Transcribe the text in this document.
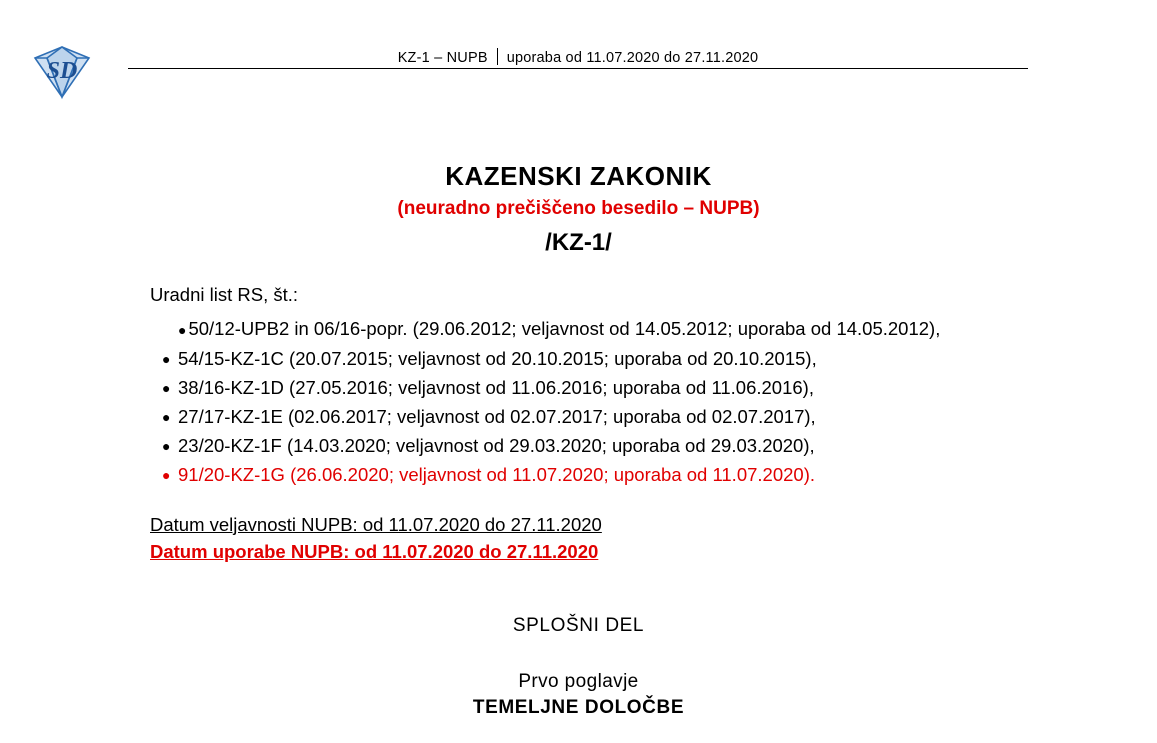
SD	KZ-1 – NUPB	uporaba od 11.07.2020 do 27.11.2020
KAZENSKI ZAKONIK
(neuradno prečiščeno besedilo – NUPB)
/KZ-1/
Uradni list RS, št.:
● 50/12-UPB2 in 06/16-popr. (29.06.2012; veljavnost od 14.05.2012; uporaba od 14.05.2012),
● 54/15-KZ-1C (20.07.2015; veljavnost od 20.10.2015; uporaba od 20.10.2015),
● 38/16-KZ-1D (27.05.2016; veljavnost od 11.06.2016; uporaba od 11.06.2016),
● 27/17-KZ-1E (02.06.2017; veljavnost od 02.07.2017; uporaba od 02.07.2017),
● 23/20-KZ-1F (14.03.2020; veljavnost od 29.03.2020; uporaba od 29.03.2020),
● 91/20-KZ-1G (26.06.2020; veljavnost od 11.07.2020; uporaba od 11.07.2020).
Datum veljavnosti NUPB: od 11.07.2020 do 27.11.2020
Datum uporabe NUPB: od 11.07.2020 do 27.11.2020
SPLOŠNI DEL
Prvo poglavje
TEMELJNE DOLOČBE
